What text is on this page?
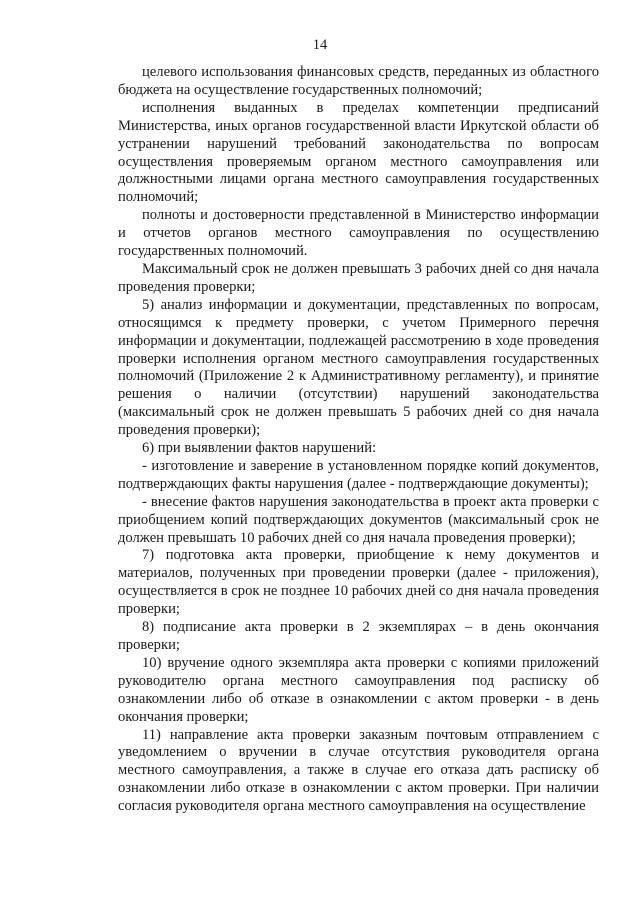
14

целевого использования финансовых средств, переданных из областного бюджета на осуществление государственных полномочий;

исполнения выданных в пределах компетенции предписаний Министерства, иных органов государственной власти Иркутской области об устранении нарушений требований законодательства по вопросам осуществления проверяемым органом местного самоуправления или должностными лицами органа местного самоуправления государственных полномочий;

полноты и достоверности представленной в Министерство информации и отчетов органов местного самоуправления по осуществлению государственных полномочий.

Максимальный срок не должен превышать 3 рабочих дней со дня начала проведения проверки;

5) анализ информации и документации, представленных по вопросам, относящимся к предмету проверки, с учетом Примерного перечня информации и документации, подлежащей рассмотрению в ходе проведения проверки исполнения органом местного самоуправления государственных полномочий (Приложение 2 к Административному регламенту), и принятие решения о наличии (отсутствии) нарушений законодательства (максимальный срок не должен превышать 5 рабочих дней со дня начала проведения проверки);

6) при выявлении фактов нарушений:

- изготовление и заверение в установленном порядке копий документов, подтверждающих факты нарушения (далее - подтверждающие документы);

- внесение фактов нарушения законодательства в проект акта проверки с приобщением копий подтверждающих документов (максимальный срок не должен превышать 10 рабочих дней со дня начала проведения проверки);

7) подготовка акта проверки, приобщение к нему документов и материалов, полученных при проведении проверки (далее - приложения), осуществляется в срок не позднее 10 рабочих дней со дня начала проведения проверки;

8) подписание акта проверки в 2 экземплярах – в день окончания проверки;

10) вручение одного экземпляра акта проверки с копиями приложений руководителю органа местного самоуправления под расписку об ознакомлении либо об отказе в ознакомлении с актом проверки - в день окончания проверки;

11) направление акта проверки заказным почтовым отправлением с уведомлением о вручении в случае отсутствия руководителя органа местного самоуправления, а также в случае его отказа дать расписку об ознакомлении либо отказе в ознакомлении с актом проверки. При наличии согласия руководителя органа местного самоуправления на осуществление
